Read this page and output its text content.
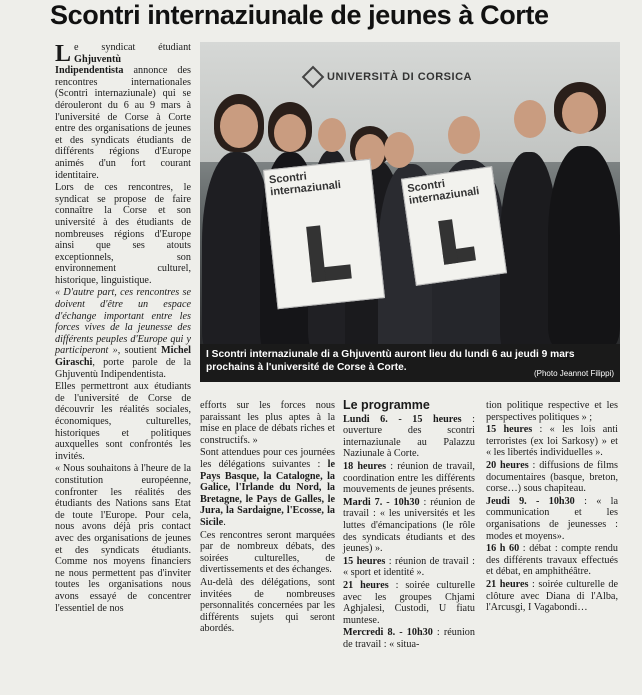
Scontri internaziunale de jeunes à Corte

Le syndicat étudiant Ghjuventù Indipendentista annonce des rencontres internationales (Scontri internaziunale) qui se dérouleront du 6 au 9 mars à l'université de Corse à Corte entre des organisations de jeunes et des syndicats étudiants de différents régions d'Europe animés d'un fort courant identitaire.

Lors de ces rencontres, le syndicat se propose de faire connaître la Corse et son université à des étudiants de nombreuses régions d'Europe ainsi que ses atouts exceptionnels, son environnement culturel, historique, linguistique.

« D'autre part, ces rencontres se doivent d'être un espace d'échange important entre les forces vives de la jeunesse des différents peuples d'Europe qui y participeront », soutient Michel Giraschi, porte parole de la Ghjuventù Indipendentista.

Elles permettront aux étudiants de l'université de Corse de découvrir les réalités sociales, économiques, culturelles, historiques et politiques auxquelles sont confrontés les invités.

« Nous souhaitons à l'heure de la constitution européenne, confronter les réalités des étudiants des Nations sans Etat de toute l'Europe. Pour cela, nous avons déjà pris contact avec des organisations de jeunes et des syndicats étudiants. Comme nos moyens financiers ne nous permettent pas d'inviter toutes les organisations nous avons essayé de concentrer l'essentiel de nos

UNIVERSITÀ DI CORSICA
Scontri internaziunali	Scontri internaziunali
I Scontri internaziunale di a Ghjuventù auront lieu du lundi 6 au jeudi 9 mars prochains à l'université de Corse à Corte.
(Photo Jeannot Filippi)

efforts sur les forces nous paraissant les plus aptes à la mise en place de débats riches et constructifs. »

Sont attendues pour ces journées les délégations suivantes : le Pays Basque, la Catalogne, la Galice, l'Irlande du Nord, la Bretagne, le Pays de Galles, le Jura, la Sardaigne, l'Ecosse, la Sicile.

Ces rencontres seront marquées par de nombreux débats, des soirées culturelles, de divertissements et des échanges.

Au-delà des délégations, sont invitées de nombreuses personnalités concernées par les différents sujets qui seront abordés.

Le programme

Lundi 6. - 15 heures : ouverture des scontri internaziunale au Palazzu Naziunale à Corte.

18 heures : réunion de travail, coordination entre les différents mouvements de jeunes présents.

Mardi 7. - 10h30 : réunion de travail : « les universités et les luttes d'émancipations (le rôle des syndicats étudiants et des jeunes) ».

15 heures : réunion de travail : « sport et identité ».

21 heures : soirée culturelle avec les groupes Chjami Aghjalesi, Custodi, U fiatu muntese.

Mercredi 8. - 10h30 : réunion de travail : « situa-

tion politique respective et les perspectives politiques » ;

15 heures : « les lois anti terroristes (ex loi Sarkosy) » et « les libertés individuelles ».

20 heures : diffusions de films documentaires (basque, breton, corse…) sous chapiteau.

Jeudi 9. - 10h30 : « la communication et les organisations de jeunesses : modes et moyens».

16 h 60 : débat : compte rendu des différents travaux effectués et débat, en amphithéâtre.

21 heures : soirée culturelle de clôture avec Diana di l'Alba, l'Arcusgi, I Vagabondi…
